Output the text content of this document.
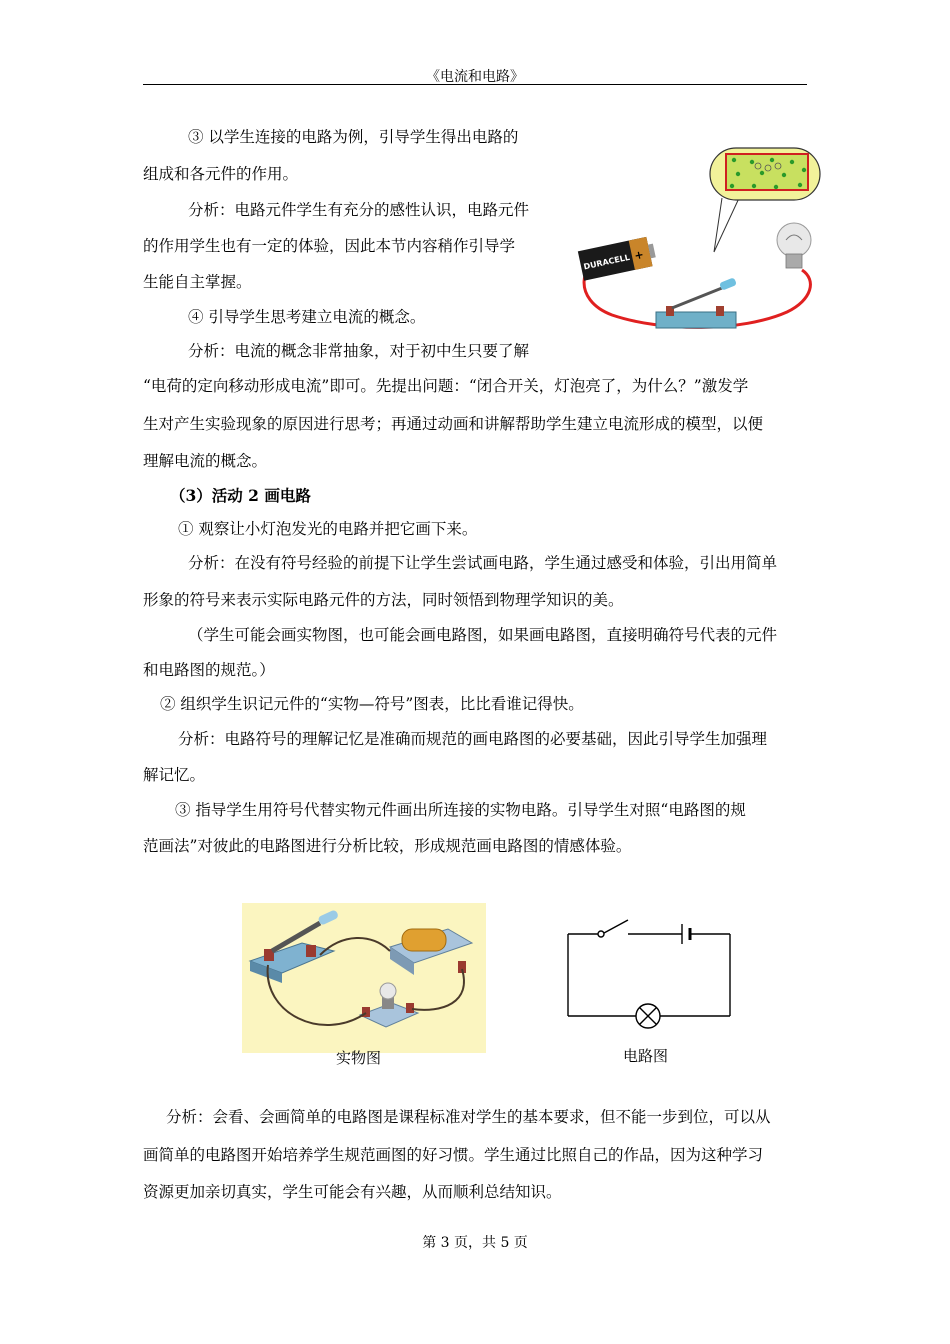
《电流和电路》
③ 以学生连接的电路为例，引导学生得出电路的
组成和各元件的作用。
分析：电路元件学生有充分的感性认识，电路元件
的作用学生也有一定的体验，因此本节内容稍作引导学
生能自主掌握。
④ 引导学生思考建立电流的概念。
分析：电流的概念非常抽象，对于初中生只要了解
“电荷的定向移动形成电流”即可。先提出问题：“闭合开关，灯泡亮了，为什么？”激发学
生对产生实验现象的原因进行思考；再通过动画和讲解帮助学生建立电流形成的模型，以便
理解电流的概念。
（3）活动 2 画电路
① 观察让小灯泡发光的电路并把它画下来。
分析：在没有符号经验的前提下让学生尝试画电路，学生通过感受和体验，引出用简单
形象的符号来表示实际电路元件的方法，同时领悟到物理学知识的美。
（学生可能会画实物图，也可能会画电路图，如果画电路图，直接明确符号代表的元件
和电路图的规范。）
② 组织学生识记元件的“实物—符号”图表，比比看谁记得快。
分析：电路符号的理解记忆是准确而规范的画电路图的必要基础，因此引导学生加强理
解记忆。
③ 指导学生用符号代替实物元件画出所连接的实物电路。引导学生对照“电路图的规
范画法”对彼此的电路图进行分析比较，形成规范画电路图的情感体验。
分析：会看、会画简单的电路图是课程标准对学生的基本要求，但不能一步到位，可以从
画简单的电路图开始培养学生规范画图的好习惯。学生通过比照自己的作品，因为这种学习
资源更加亲切真实，学生可能会有兴趣，从而顺利总结知识。
DURACELL +
实物图	电路图
第 3 页，共 5 页
